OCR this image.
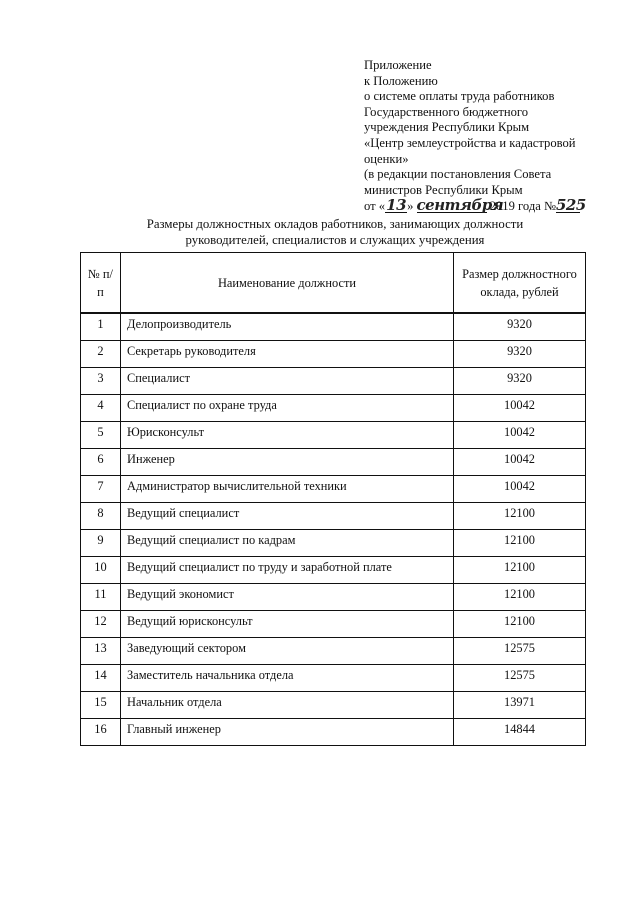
Приложение
к Положению
о системе оплаты труда работников
Государственного бюджетного
учреждения Республики Крым
«Центр землеустройства и кадастровой
оценки»
(в редакции постановления Совета
министров Республики Крым
от «13» сентября 2019 года №525
Размеры должностных окладов работников, занимающих должности
руководителей, специалистов и служащих учреждения
№ п/п	Наименование должности	Размер должностного оклада, рублей
1	Делопроизводитель	9320
2	Секретарь руководителя	9320
3	Специалист	9320
4	Специалист по охране труда	10042
5	Юрисконсульт	10042
6	Инженер	10042
7	Администратор вычислительной техники	10042
8	Ведущий специалист	12100
9	Ведущий специалист по кадрам	12100
10	Ведущий специалист по труду и заработной плате	12100
11	Ведущий экономист	12100
12	Ведущий юрисконсульт	12100
13	Заведующий сектором	12575
14	Заместитель начальника отдела	12575
15	Начальник отдела	13971
16	Главный инженер	14844
